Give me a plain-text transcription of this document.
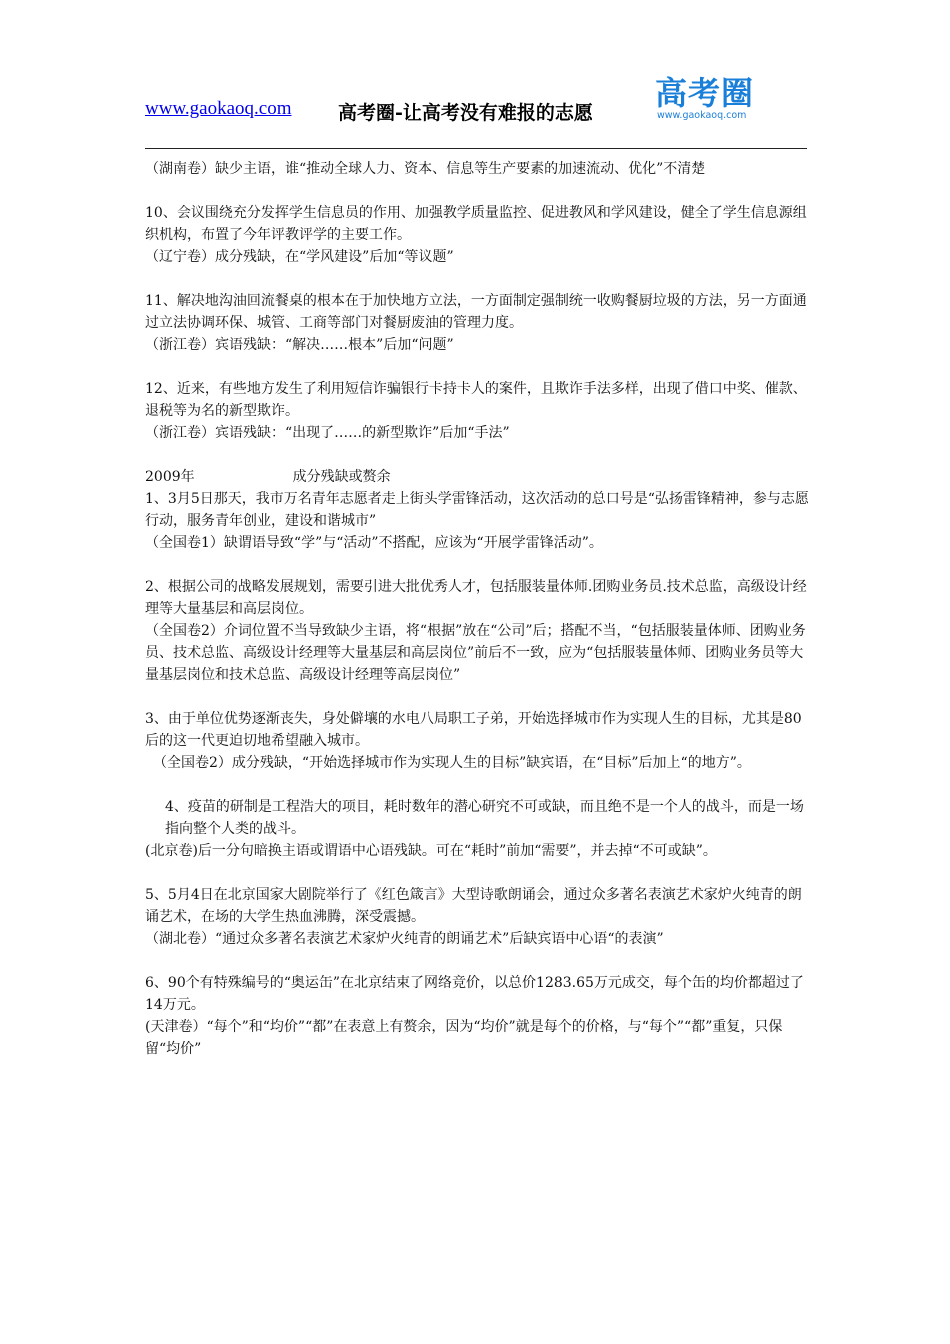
www.gaokaoq.com 高考圈-让高考没有难报的志愿
高考圈
www.gaokaoq.com

（湖南卷）缺少主语，谁“推动全球人力、资本、信息等生产要素的加速流动、优化”不清楚

10、会议围绕充分发挥学生信息员的作用、加强教学质量监控、促进教风和学风建设，健全了学生信息源组织机构，布置了今年评教评学的主要工作。

（辽宁卷）成分残缺，在“学风建设”后加“等议题”

11、解决地沟油回流餐桌的根本在于加快地方立法，一方面制定强制统一收购餐厨垃圾的方法，另一方面通过立法协调环保、城管、工商等部门对餐厨废油的管理力度。

（浙江卷）宾语残缺：“解决……根本”后加“问题”

12、近来，有些地方发生了利用短信诈骗银行卡持卡人的案件，且欺诈手法多样，出现了借口中奖、催款、退税等为名的新型欺诈。

（浙江卷）宾语残缺：“出现了……的新型欺诈”后加“手法”

2009年	成分残缺或赘余

1、3月5日那天，我市万名青年志愿者走上街头学雷锋活动，这次活动的总口号是“弘扬雷锋精神，参与志愿行动，服务青年创业，建设和谐城市”

（全国卷1）缺谓语导致“学”与“活动”不搭配，应该为“开展学雷锋活动”。

2、根据公司的战略发展规划，需要引进大批优秀人才，包括服装量体师.团购业务员.技术总监，高级设计经理等大量基层和高层岗位。

（全国卷2）介词位置不当导致缺少主语，将“根据”放在“公司”后；搭配不当，“包括服装量体师、团购业务员、技术总监、高级设计经理等大量基层和高层岗位”前后不一致，应为“包括服装量体师、团购业务员等大量基层岗位和技术总监、高级设计经理等高层岗位”

3、由于单位优势逐渐丧失，身处僻壤的水电八局职工子弟，开始选择城市作为实现人生的目标，尤其是80后的这一代更迫切地希望融入城市。

（全国卷2）成分残缺，“开始选择城市作为实现人生的目标”缺宾语，在“目标”后加上“的地方”。

4、疫苗的研制是工程浩大的项目，耗时数年的潜心研究不可或缺，而且绝不是一个人的战斗，而是一场指向整个人类的战斗。

(北京卷)后一分句暗换主语或谓语中心语残缺。可在“耗时”前加“需要”，并去掉“不可或缺”。

5、5月4日在北京国家大剧院举行了《红色箴言》大型诗歌朗诵会，通过众多著名表演艺术家炉火纯青的朗诵艺术，在场的大学生热血沸腾，深受震撼。

（湖北卷）“通过众多著名表演艺术家炉火纯青的朗诵艺术”后缺宾语中心语“的表演”

6、90个有特殊编号的“奥运缶”在北京结束了网络竞价，以总价1283.65万元成交，每个缶的均价都超过了14万元。

(天津卷）“每个”和“均价”“都”在表意上有赘余，因为“均价”就是每个的价格，与“每个”“都”重复，只保留“均价”
